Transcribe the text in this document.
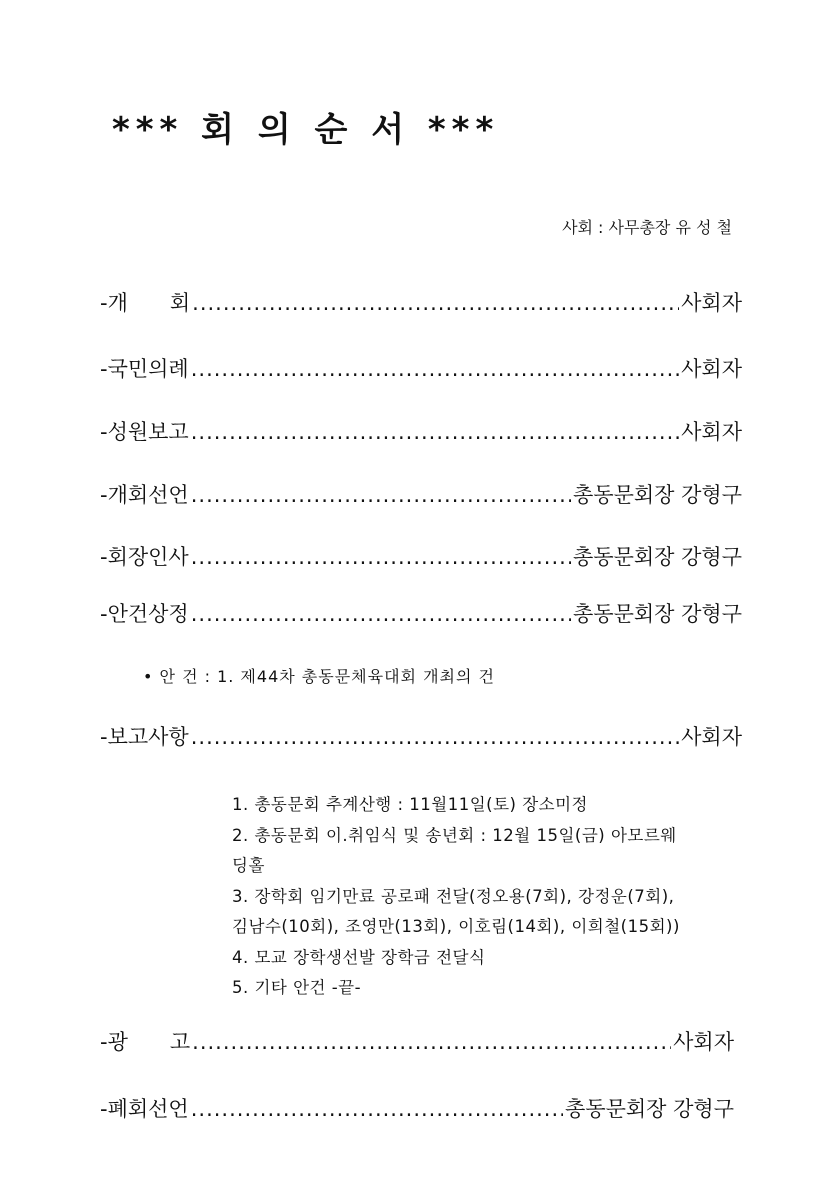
*** 회 의 순 서 ***
사회 : 사무총장 유 성 철
-개　　회 .....	사회자
-국민의례 .....	사회자
-성원보고 .....	사회자
-개회선언 .....	총동문회장 강형구
-회장인사 .....	총동문회장 강형구
-안건상정 .....	총동문회장 강형구
• 안 건 : 1. 제44차 총동문체육대회 개최의 건
-보고사항 .....	사회자
1. 총동문회 추계산행 : 11월11일(토) 장소미정
2. 총동문회 이.취임식 및 송년회 : 12월 15일(금) 아모르웨
딩홀
3. 장학회 임기만료 공로패 전달(정오용(7회), 강정운(7회),
김남수(10회), 조영만(13회), 이호림(14회), 이희철(15회))
4. 모교 장학생선발 장학금 전달식
5. 기타 안건 -끝-
-광　　고 .....	사회자
-폐회선언 .....	총동문회장 강형구
